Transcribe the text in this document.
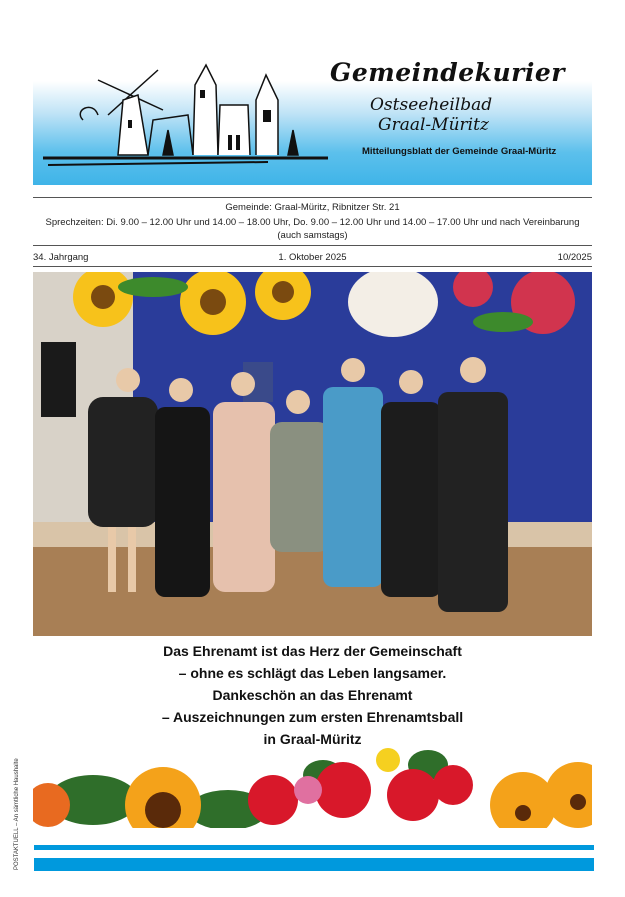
Gemeindekurier
Ostseeheilbad
Graal-Müritz
Mitteilungsblatt der Gemeinde Graal-Müritz
Gemeinde: Graal-Müritz, Ribnitzer Str. 21
Sprechzeiten: Di. 9.00 – 12.00 Uhr und 14.00 – 18.00 Uhr, Do. 9.00 – 12.00 Uhr und 14.00 – 17.00 Uhr und nach Vereinbarung
(auch samstags)
34. Jahrgang	1. Oktober 2025	10/2025
Das Ehrenamt ist das Herz der Gemeinschaft
– ohne es schlägt das Leben langsamer.
Dankeschön an das Ehrenamt
– Auszeichnungen zum ersten Ehrenamtsball
in Graal-Müritz
POSTAKTUELL – An sämtliche Haushalte
